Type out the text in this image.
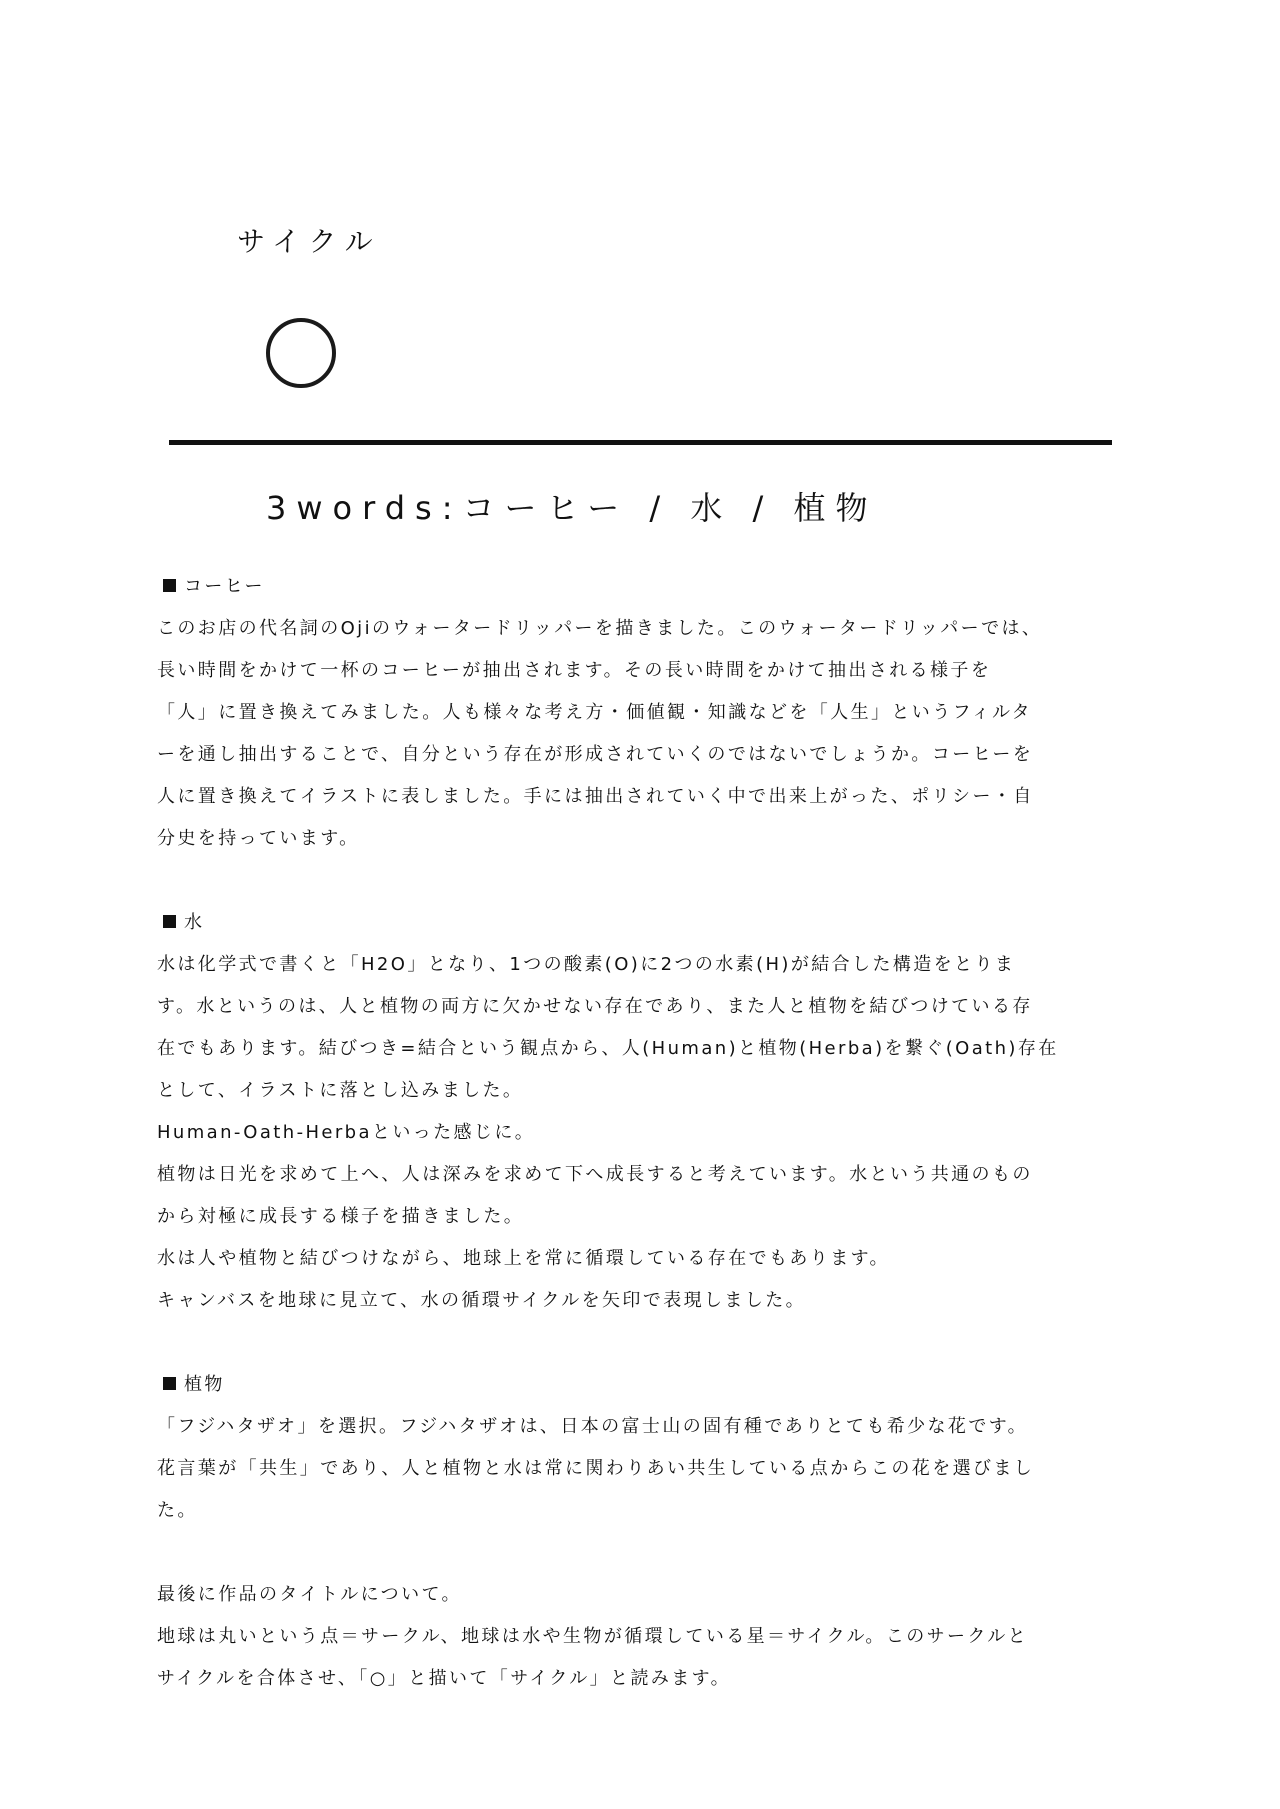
サイクル
3words:コーヒー / 水 / 植物
コーヒー
このお店の代名詞のOjiのウォータードリッパーを描きました。このウォータードリッパーでは、
長い時間をかけて一杯のコーヒーが抽出されます。その長い時間をかけて抽出される様子を
「人」に置き換えてみました。人も様々な考え方・価値観・知識などを「人生」というフィルタ
ーを通し抽出することで、自分という存在が形成されていくのではないでしょうか。コーヒーを
人に置き換えてイラストに表しました。手には抽出されていく中で出来上がった、ポリシー・自
分史を持っています。
水
水は化学式で書くと「H2O」となり、1つの酸素(O)に2つの水素(H)が結合した構造をとりま
す。水というのは、人と植物の両方に欠かせない存在であり、また人と植物を結びつけている存
在でもあります。結びつき=結合という観点から、人(Human)と植物(Herba)を繋ぐ(Oath)存在
として、イラストに落とし込みました。
Human-Oath-Herbaといった感じに。
植物は日光を求めて上へ、人は深みを求めて下へ成長すると考えています。水という共通のもの
から対極に成長する様子を描きました。
水は人や植物と結びつけながら、地球上を常に循環している存在でもあります。
キャンバスを地球に見立て、水の循環サイクルを矢印で表現しました。
植物
「フジハタザオ」を選択。フジハタザオは、日本の富士山の固有種でありとても希少な花です。
花言葉が「共生」であり、人と植物と水は常に関わりあい共生している点からこの花を選びまし
た。
最後に作品のタイトルについて。
地球は丸いという点＝サークル、地球は水や生物が循環している星＝サイクル。このサークルと
サイクルを合体させ、「○」と描いて「サイクル」と読みます。
